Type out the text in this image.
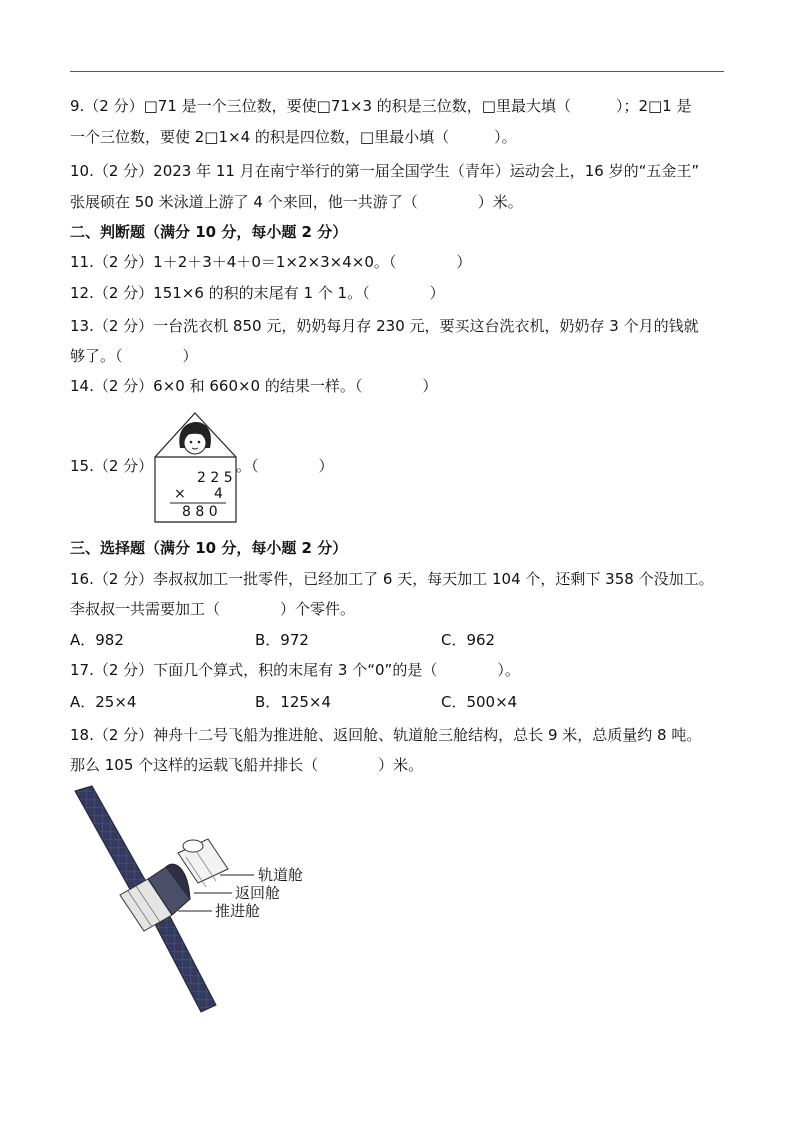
9.（2 分）□71 是一个三位数，要使□71×3 的积是三位数，□里最大填（　　　）；2□1 是
一个三位数，要使 2□1×4 的积是四位数，□里最小填（　　　）。
10.（2 分）2023 年 11 月在南宁举行的第一届全国学生（青年）运动会上，16 岁的“五金王”
张展硕在 50 米泳道上游了 4 个来回，他一共游了（　　　　）米。
二、判断题（满分 10 分，每小题 2 分）
11.（2 分）1＋2＋3＋4＋0＝1×2×3×4×0。（　　　　）
12.（2 分）151×6 的积的末尾有 1 个 1。（　　　　）
13.（2 分）一台洗衣机 850 元，奶奶每月存 230 元，要买这台洗衣机，奶奶存 3 个月的钱就
够了。（　　　　）
14.（2 分）6×0 和 660×0 的结果一样。（　　　　）
15.（2 分）	。（　　　　）
2 2 5
× 4
8 8 0
三、选择题（满分 10 分，每小题 2 分）
16.（2 分）李叔叔加工一批零件，已经加工了 6 天，每天加工 104 个，还剩下 358 个没加工。
李叔叔一共需要加工（　　　　）个零件。
A．982	B．972	C．962
17.（2 分）下面几个算式，积的末尾有 3 个“0”的是（　　　　）。
A．25×4	B．125×4	C．500×4
18.（2 分）神舟十二号飞船为推进舱、返回舱、轨道舱三舱结构，总长 9 米，总质量约 8 吨。
那么 105 个这样的运载飞船并排长（　　　　）米。
轨道舱
返回舱
推进舱
